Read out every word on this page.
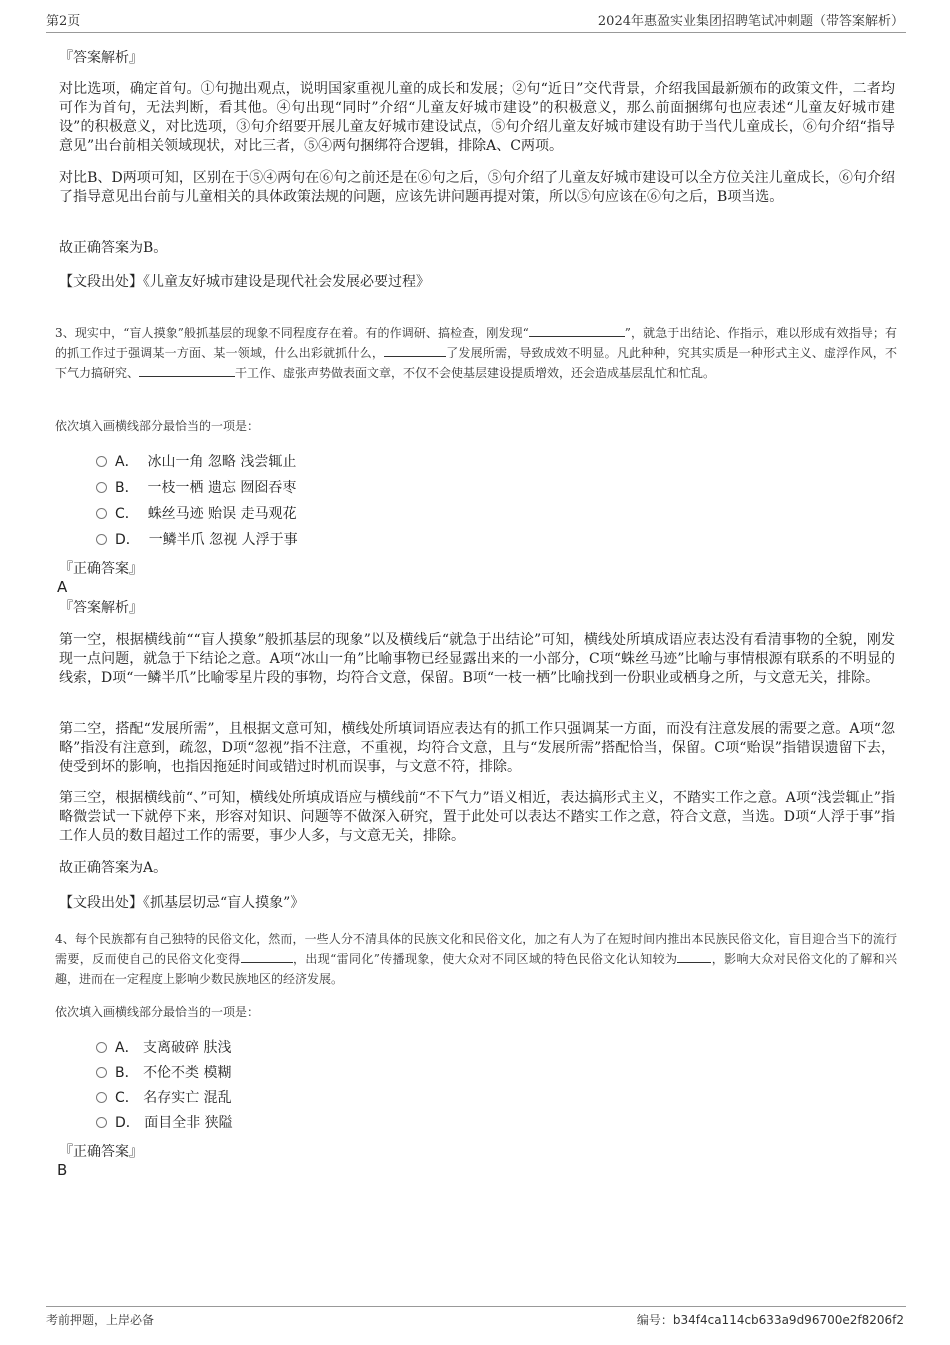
第2页	2024年惠盈实业集团招聘笔试冲刺题（带答案解析）
『答案解析』
对比选项，确定首句。①句抛出观点，说明国家重视儿童的成长和发展；②句“近日”交代背景，介绍我国最新颁布的政策文件，二者均可作为首句，无法判断，看其他。④句出现“同时”介绍“儿童友好城市建设”的积极意义，那么前面捆绑句也应表述“儿童友好城市建设”的积极意义，对比选项，③句介绍要开展儿童友好城市建设试点，⑤句介绍儿童友好城市建设有助于当代儿童成长，⑥句介绍“指导意见”出台前相关领域现状，对比三者，⑤④两句捆绑符合逻辑，排除A、C两项。
对比B、D两项可知，区别在于⑤④两句在⑥句之前还是在⑥句之后，⑤句介绍了儿童友好城市建设可以全方位关注儿童成长，⑥句介绍了指导意见出台前与儿童相关的具体政策法规的问题，应该先讲问题再提对策，所以⑤句应该在⑥句之后，B项当选。
故正确答案为B。
【文段出处】《儿童友好城市建设是现代社会发展必要过程》
3、现实中，“盲人摸象”般抓基层的现象不同程度存在着。有的作调研、搞检查，刚发现“	”，就急于出结论、作指示，难以形成有效指导；有的抓工作过于强调某一方面、某一领域，什么出彩就抓什么，	了发展所需，导致成效不明显。凡此种种，究其实质是一种形式主义、虚浮作风，不下气力搞研究、	干工作、虚张声势做表面文章，不仅不会使基层建设提质增效，还会造成基层乱忙和忙乱。
依次填入画横线部分最恰当的一项是：
A． 冰山一角 忽略 浅尝辄止
B． 一枝一栖 遗忘 囫囵吞枣
C． 蛛丝马迹 贻误 走马观花
D． 一鳞半爪 忽视 人浮于事
『正确答案』
A
『答案解析』
第一空，根据横线前““盲人摸象”般抓基层的现象”以及横线后“就急于出结论”可知，横线处所填成语应表达没有看清事物的全貌，刚发现一点问题，就急于下结论之意。A项“冰山一角”比喻事物已经显露出来的一小部分，C项“蛛丝马迹”比喻与事情根源有联系的不明显的线索，D项“一鳞半爪”比喻零星片段的事物，均符合文意，保留。B项“一枝一栖”比喻找到一份职业或栖身之所，与文意无关，排除。
第二空，搭配“发展所需”，且根据文意可知，横线处所填词语应表达有的抓工作只强调某一方面，而没有注意发展的需要之意。A项“忽略”指没有注意到，疏忽，D项“忽视”指不注意，不重视，均符合文意，且与“发展所需”搭配恰当，保留。C项“贻误”指错误遗留下去，使受到坏的影响，也指因拖延时间或错过时机而误事，与文意不符，排除。
第三空，根据横线前“、”可知，横线处所填成语应与横线前“不下气力”语义相近，表达搞形式主义，不踏实工作之意。A项“浅尝辄止”指略微尝试一下就停下来，形容对知识、问题等不做深入研究，置于此处可以表达不踏实工作之意，符合文意，当选。D项“人浮于事”指工作人员的数目超过工作的需要，事少人多，与文意无关，排除。
故正确答案为A。
【文段出处】《抓基层切忌“盲人摸象”》
4、每个民族都有自己独特的民俗文化，然而，一些人分不清具体的民族文化和民俗文化，加之有人为了在短时间内推出本民族民俗文化，盲目迎合当下的流行需要，反而使自己的民俗文化变得	，出现“雷同化”传播现象，使大众对不同区域的特色民俗文化认知较为	，影响大众对民俗文化的了解和兴趣，进而在一定程度上影响少数民族地区的经济发展。
依次填入画横线部分最恰当的一项是：
A． 支离破碎 肤浅
B． 不伦不类 模糊
C． 名存实亡 混乱
D． 面目全非 狭隘
『正确答案』
B
考前押题，上岸必备	编号：b34f4ca114cb633a9d96700e2f8206f2
